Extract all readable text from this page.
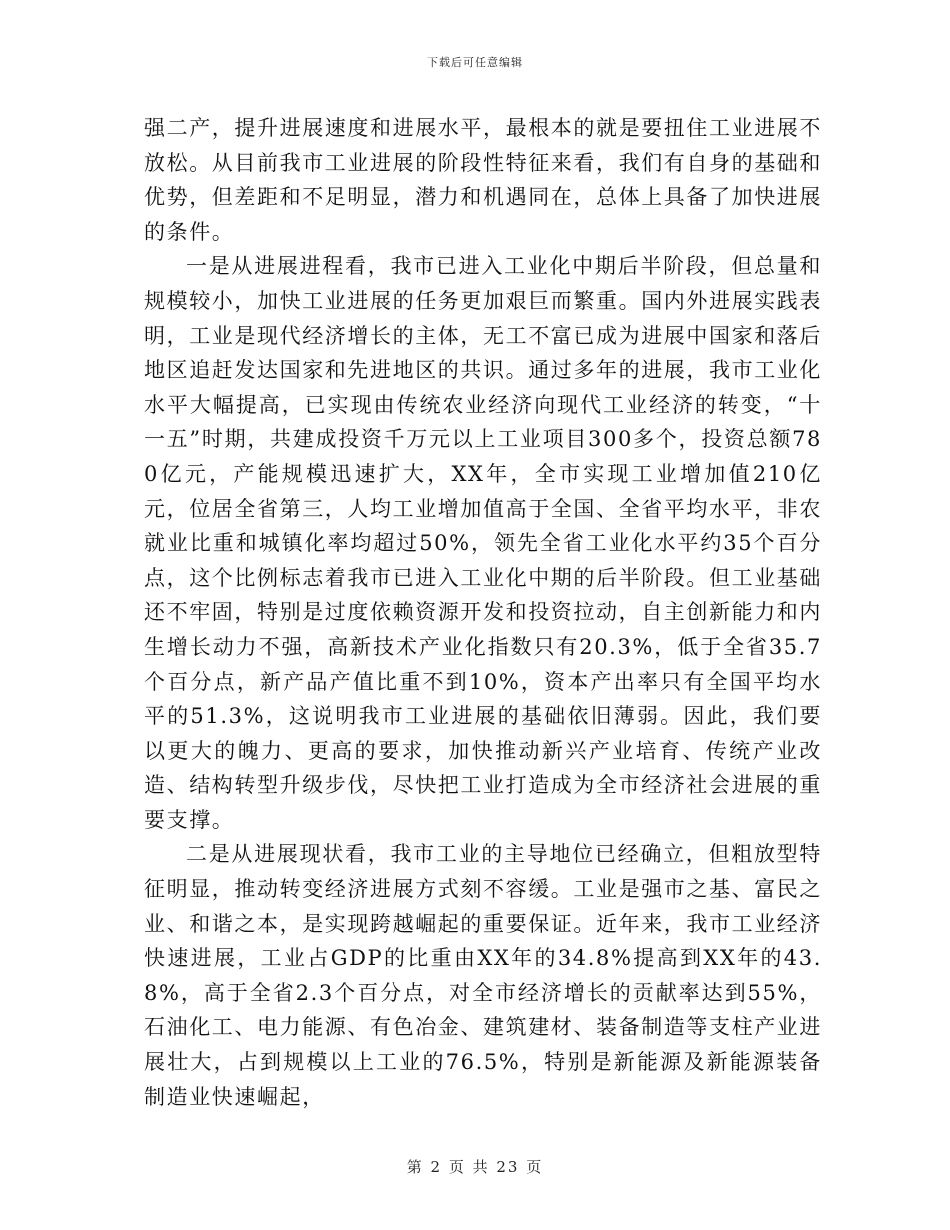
下载后可任意编辑

强二产，提升进展速度和进展水平，最根本的就是要扭住工业进展不放松。从目前我市工业进展的阶段性特征来看，我们有自身的基础和优势，但差距和不足明显，潜力和机遇同在，总体上具备了加快进展的条件。

一是从进展进程看，我市已进入工业化中期后半阶段，但总量和规模较小，加快工业进展的任务更加艰巨而繁重。国内外进展实践表明，工业是现代经济增长的主体，无工不富已成为进展中国家和落后地区追赶发达国家和先进地区的共识。通过多年的进展，我市工业化水平大幅提高，已实现由传统农业经济向现代工业经济的转变，“十一五”时期，共建成投资千万元以上工业项目300多个，投资总额780亿元，产能规模迅速扩大，XX年，全市实现工业增加值210亿元，位居全省第三，人均工业增加值高于全国、全省平均水平，非农就业比重和城镇化率均超过50%，领先全省工业化水平约35个百分点，这个比例标志着我市已进入工业化中期的后半阶段。但工业基础还不牢固，特别是过度依赖资源开发和投资拉动，自主创新能力和内生增长动力不强，高新技术产业化指数只有20.3%，低于全省35.7个百分点，新产品产值比重不到10%，资本产出率只有全国平均水平的51.3%，这说明我市工业进展的基础依旧薄弱。因此，我们要以更大的魄力、更高的要求，加快推动新兴产业培育、传统产业改造、结构转型升级步伐，尽快把工业打造成为全市经济社会进展的重要支撑。

二是从进展现状看，我市工业的主导地位已经确立，但粗放型特征明显，推动转变经济进展方式刻不容缓。工业是强市之基、富民之业、和谐之本，是实现跨越崛起的重要保证。近年来，我市工业经济快速进展，工业占GDP的比重由XX年的34.8%提高到XX年的43.8%，高于全省2.3个百分点，对全市经济增长的贡献率达到55%，石油化工、电力能源、有色冶金、建筑建材、装备制造等支柱产业进展壮大，占到规模以上工业的76.5%，特别是新能源及新能源装备制造业快速崛起，

第 2 页 共 23 页
